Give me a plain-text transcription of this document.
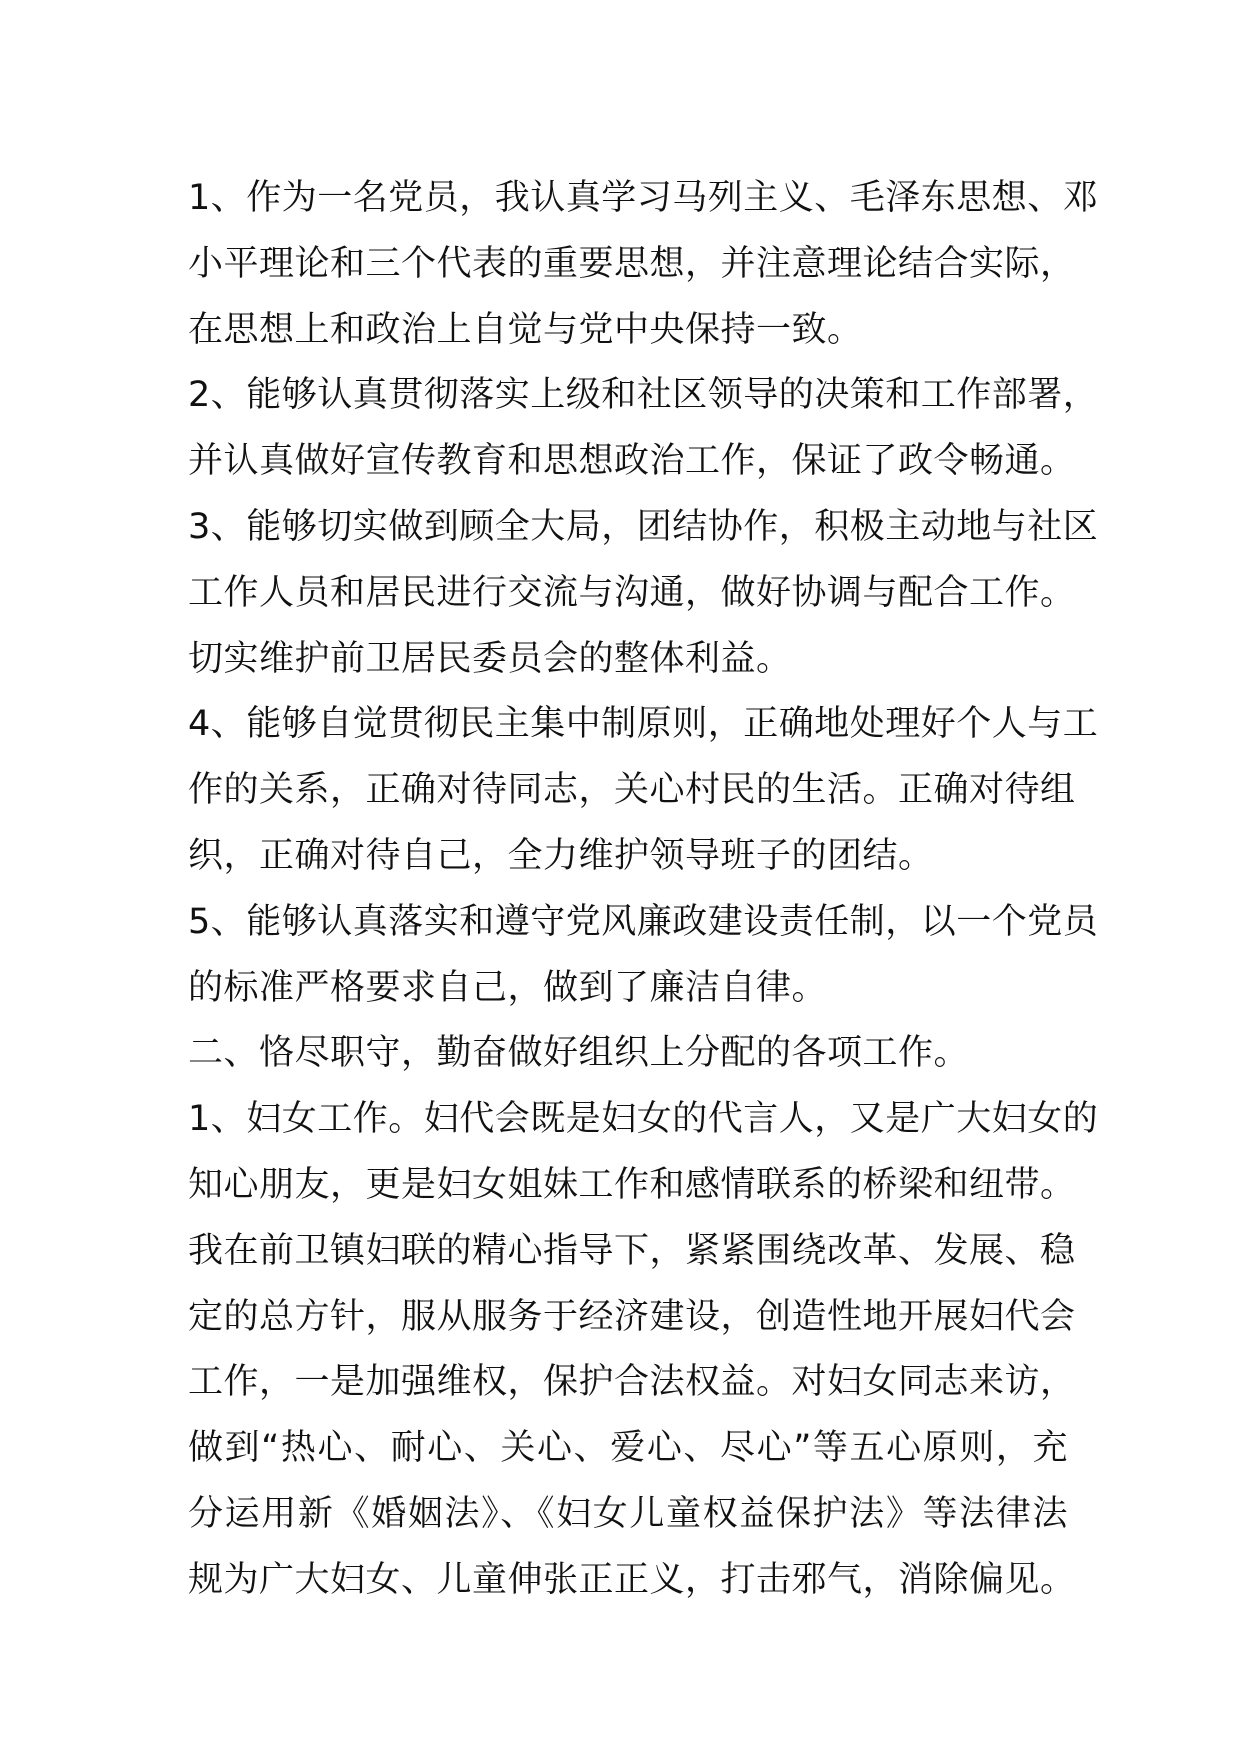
1、作为一名党员，我认真学习马列主义、毛泽东思想、邓
小平理论和三个代表的重要思想，并注意理论结合实际，
在思想上和政治上自觉与党中央保持一致。
2、能够认真贯彻落实上级和社区领导的决策和工作部署，
并认真做好宣传教育和思想政治工作，保证了政令畅通。
3、能够切实做到顾全大局，团结协作，积极主动地与社区
工作人员和居民进行交流与沟通，做好协调与配合工作。
切实维护前卫居民委员会的整体利益。
4、能够自觉贯彻民主集中制原则，正确地处理好个人与工
作的关系，正确对待同志，关心村民的生活。正确对待组
织，正确对待自己，全力维护领导班子的团结。
5、能够认真落实和遵守党风廉政建设责任制，以一个党员
的标准严格要求自己，做到了廉洁自律。
二、恪尽职守，勤奋做好组织上分配的各项工作。
1、妇女工作。妇代会既是妇女的代言人，又是广大妇女的
知心朋友，更是妇女姐妹工作和感情联系的桥梁和纽带。
我在前卫镇妇联的精心指导下，紧紧围绕改革、发展、稳
定的总方针，服从服务于经济建设，创造性地开展妇代会
工作，一是加强维权，保护合法权益。对妇女同志来访，
做到“热心、耐心、关心、爱心、尽心”等五心原则，充
分运用新《婚姻法》、《妇女儿童权益保护法》等法律法
规为广大妇女、儿童伸张正正义，打击邪气，消除偏见。
